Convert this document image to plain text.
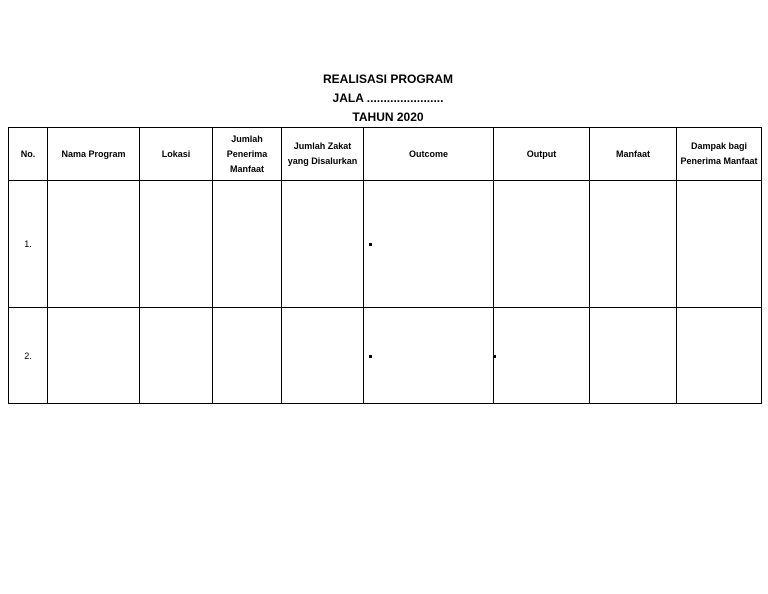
REALISASI PROGRAM
JALA .......................
TAHUN 2020
No.	Nama Program	Lokasi	Jumlah Penerima Manfaat	Jumlah Zakat yang Disalurkan	Outcome	Output	Manfaat	Dampak bagi Penerima Manfaat
1.					

2.					
